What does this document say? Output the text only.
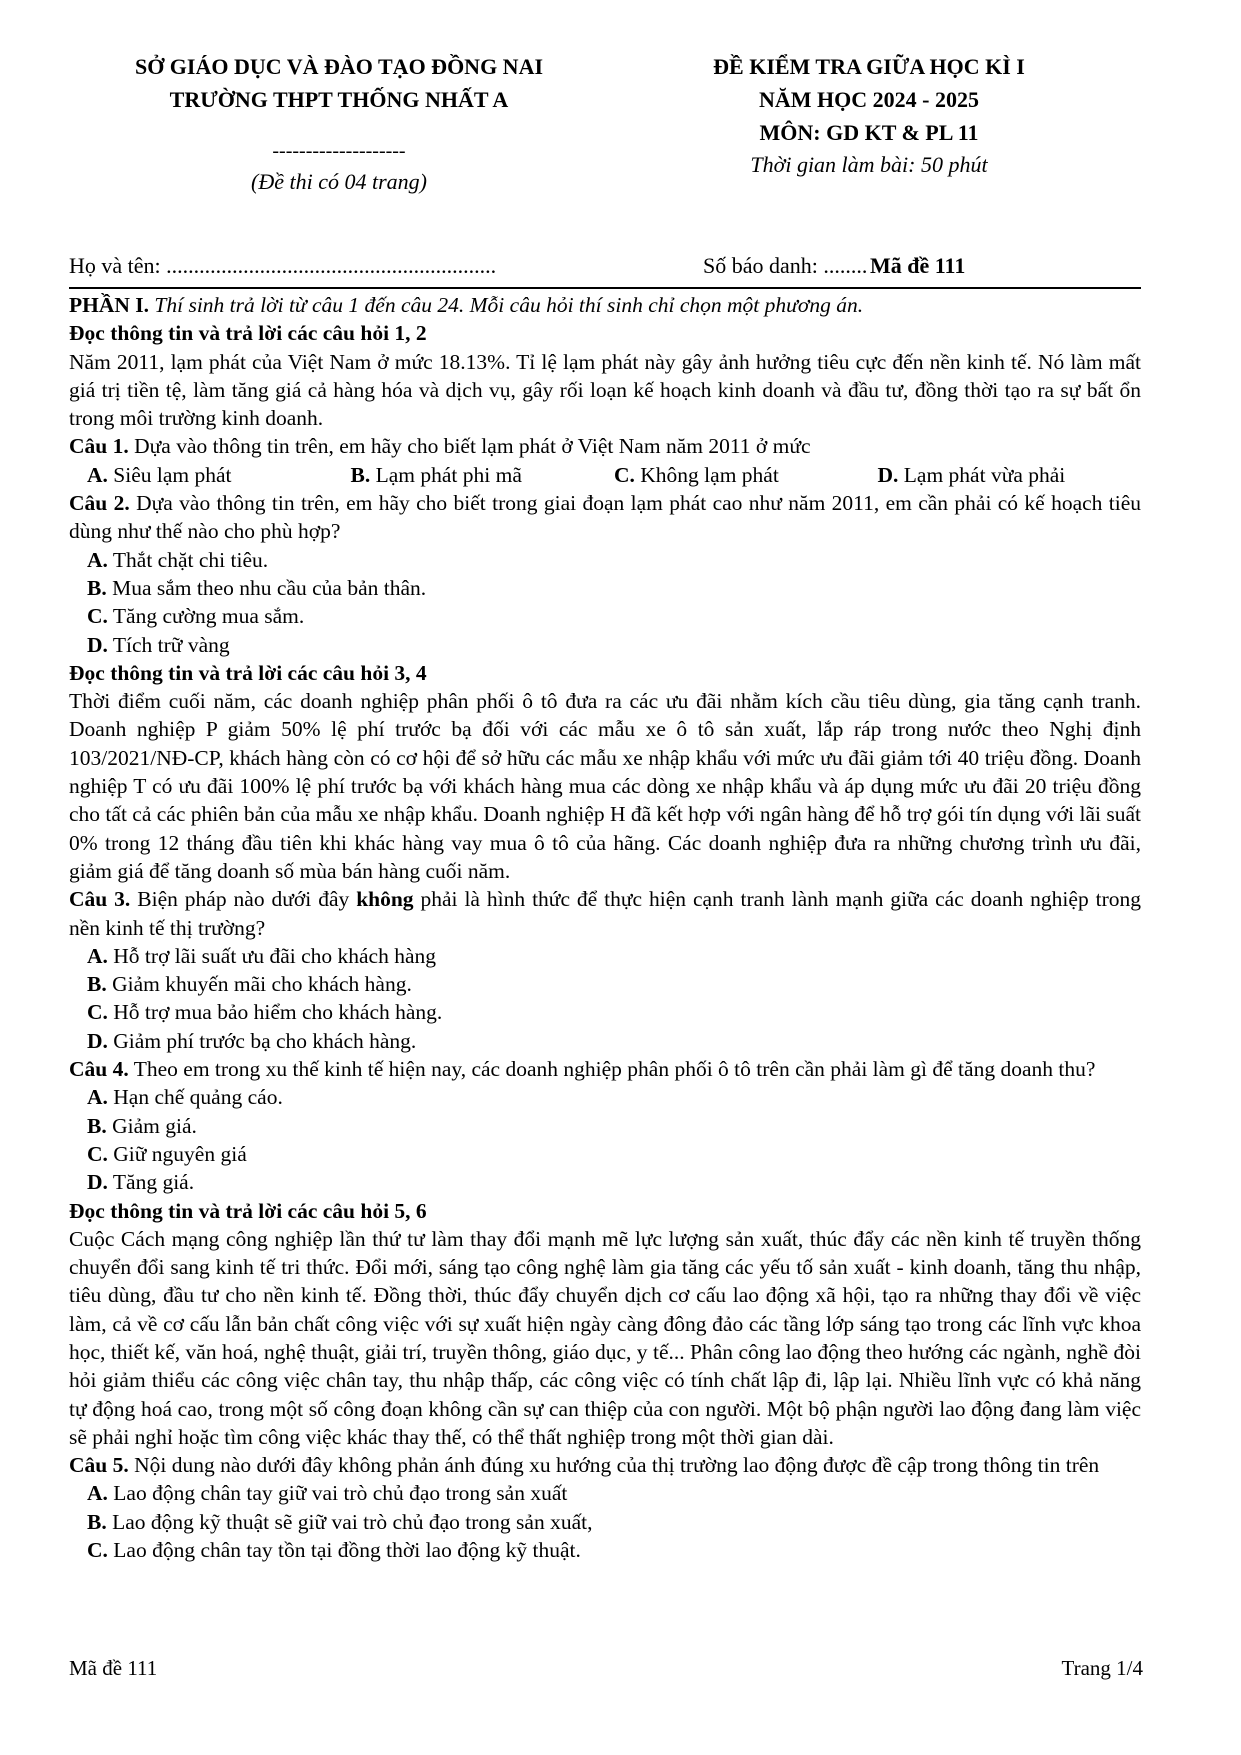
SỞ GIÁO DỤC VÀ ĐÀO TẠO ĐỒNG NAI
TRƯỜNG THPT THỐNG NHẤT A
--------------------
(Đề thi có 04 trang)
ĐỀ KIỂM TRA GIỮA HỌC KÌ I
NĂM HỌC 2024 - 2025
MÔN: GD KT & PL 11
Thời gian làm bài: 50 phút
Họ và tên: ............................................................	Số báo danh: ........ Mã đề 111

PHẦN I. Thí sinh trả lời từ câu 1 đến câu 24. Mỗi câu hỏi thí sinh chỉ chọn một phương án.

Đọc thông tin và trả lời các câu hỏi 1, 2

Năm 2011, lạm phát của Việt Nam ở mức 18.13%. Tỉ lệ lạm phát này gây ảnh hưởng tiêu cực đến nền kinh tế. Nó làm mất giá trị tiền tệ, làm tăng giá cả hàng hóa và dịch vụ, gây rối loạn kế hoạch kinh doanh và đầu tư, đồng thời tạo ra sự bất ổn trong môi trường kinh doanh.

Câu 1. Dựa vào thông tin trên, em hãy cho biết lạm phát ở Việt Nam năm 2011 ở mức

A. Siêu lạm phát	B. Lạm phát phi mã	C. Không lạm phát	D. Lạm phát vừa phải

Câu 2. Dựa vào thông tin trên, em hãy cho biết trong giai đoạn lạm phát cao như năm 2011, em cần phải có kế hoạch tiêu dùng như thế nào cho phù hợp?

A. Thắt chặt chi tiêu.
B. Mua sắm theo nhu cầu của bản thân.
C. Tăng cường mua sắm.
D. Tích trữ vàng

Đọc thông tin và trả lời các câu hỏi 3, 4

Thời điểm cuối năm, các doanh nghiệp phân phối ô tô đưa ra các ưu đãi nhằm kích cầu tiêu dùng, gia tăng cạnh tranh. Doanh nghiệp P giảm 50% lệ phí trước bạ đối với các mẫu xe ô tô sản xuất, lắp ráp trong nước theo Nghị định 103/2021/NĐ-CP, khách hàng còn có cơ hội để sở hữu các mẫu xe nhập khẩu với mức ưu đãi giảm tới 40 triệu đồng. Doanh nghiệp T có ưu đãi 100% lệ phí trước bạ với khách hàng mua các dòng xe nhập khẩu và áp dụng mức ưu đãi 20 triệu đồng cho tất cả các phiên bản của mẫu xe nhập khẩu. Doanh nghiệp H đã kết hợp với ngân hàng để hỗ trợ gói tín dụng với lãi suất 0% trong 12 tháng đầu tiên khi khác hàng vay mua ô tô của hãng. Các doanh nghiệp đưa ra những chương trình ưu đãi, giảm giá để tăng doanh số mùa bán hàng cuối năm.

Câu 3. Biện pháp nào dưới đây không phải là hình thức để thực hiện cạnh tranh lành mạnh giữa các doanh nghiệp trong nền kinh tế thị trường?

A. Hỗ trợ lãi suất ưu đãi cho khách hàng
B. Giảm khuyến mãi cho khách hàng.
C. Hỗ trợ mua bảo hiểm cho khách hàng.
D. Giảm phí trước bạ cho khách hàng.

Câu 4. Theo em trong xu thế kinh tế hiện nay, các doanh nghiệp phân phối ô tô trên cần phải làm gì để tăng doanh thu?

A. Hạn chế quảng cáo.
B. Giảm giá.
C. Giữ nguyên giá
D. Tăng giá.

Đọc thông tin và trả lời các câu hỏi 5, 6

Cuộc Cách mạng công nghiệp lần thứ tư làm thay đổi mạnh mẽ lực lượng sản xuất, thúc đẩy các nền kinh tế truyền thống chuyển đổi sang kinh tế tri thức. Đổi mới, sáng tạo công nghệ làm gia tăng các yếu tố sản xuất - kinh doanh, tăng thu nhập, tiêu dùng, đầu tư cho nền kinh tế. Đồng thời, thúc đẩy chuyển dịch cơ cấu lao động xã hội, tạo ra những thay đổi về việc làm, cả về cơ cấu lẫn bản chất công việc với sự xuất hiện ngày càng đông đảo các tầng lớp sáng tạo trong các lĩnh vực khoa học, thiết kế, văn hoá, nghệ thuật, giải trí, truyền thông, giáo dục, y tế... Phân công lao động theo hướng các ngành, nghề đòi hỏi giảm thiểu các công việc chân tay, thu nhập thấp, các công việc có tính chất lập đi, lập lại. Nhiều lĩnh vực có khả năng tự động hoá cao, trong một số công đoạn không cần sự can thiệp của con người. Một bộ phận người lao động đang làm việc sẽ phải nghỉ hoặc tìm công việc khác thay thế, có thể thất nghiệp trong một thời gian dài.

Câu 5. Nội dung nào dưới đây không phản ánh đúng xu hướng của thị trường lao động được đề cập trong thông tin trên

A. Lao động chân tay giữ vai trò chủ đạo trong sản xuất
B. Lao động kỹ thuật sẽ giữ vai trò chủ đạo trong sản xuất,
C. Lao động chân tay tồn tại đồng thời lao động kỹ thuật.
Mã đề 111	Trang 1/4
